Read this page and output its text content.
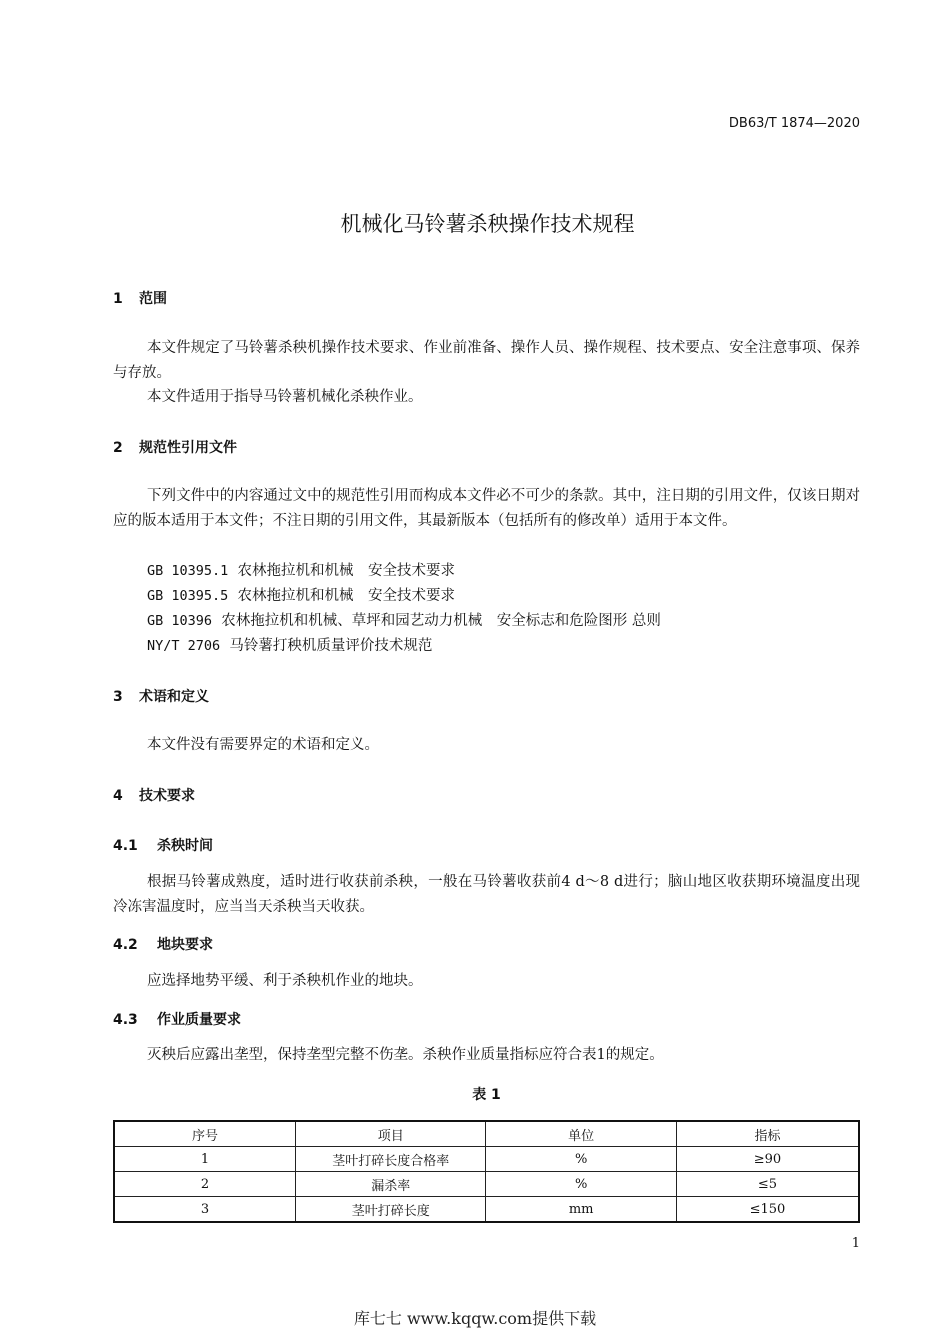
DB63/T 1874—2020
机械化马铃薯杀秧操作技术规程
1 范围
本文件规定了马铃薯杀秧机操作技术要求、作业前准备、操作人员、操作规程、技术要点、安全注意事项、保养与存放。
本文件适用于指导马铃薯机械化杀秧作业。
2 规范性引用文件
下列文件中的内容通过文中的规范性引用而构成本文件必不可少的条款。其中，注日期的引用文件，仅该日期对应的版本适用于本文件；不注日期的引用文件，其最新版本（包括所有的修改单）适用于本文件。
GB 10395.1 农林拖拉机和机械　安全技术要求
GB 10395.5 农林拖拉机和机械　安全技术要求
GB 10396 农林拖拉机和机械、草坪和园艺动力机械　安全标志和危险图形 总则
NY/T 2706 马铃薯打秧机质量评价技术规范
3 术语和定义
本文件没有需要界定的术语和定义。
4 技术要求
4.1 杀秧时间
根据马铃薯成熟度，适时进行收获前杀秧，一般在马铃薯收获前4 d～8 d进行；脑山地区收获期环境温度出现冷冻害温度时，应当当天杀秧当天收获。
4.2 地块要求
应选择地势平缓、利于杀秧机作业的地块。
4.3 作业质量要求
灭秧后应露出垄型，保持垄型完整不伤垄。杀秧作业质量指标应符合表1的规定。
表 1
序号	项目	单位	指标
1	茎叶打碎长度合格率	%	≥90
2	漏杀率	%	≤5
3	茎叶打碎长度	mm	≤150
1
库七七 www.kqqw.com提供下载
